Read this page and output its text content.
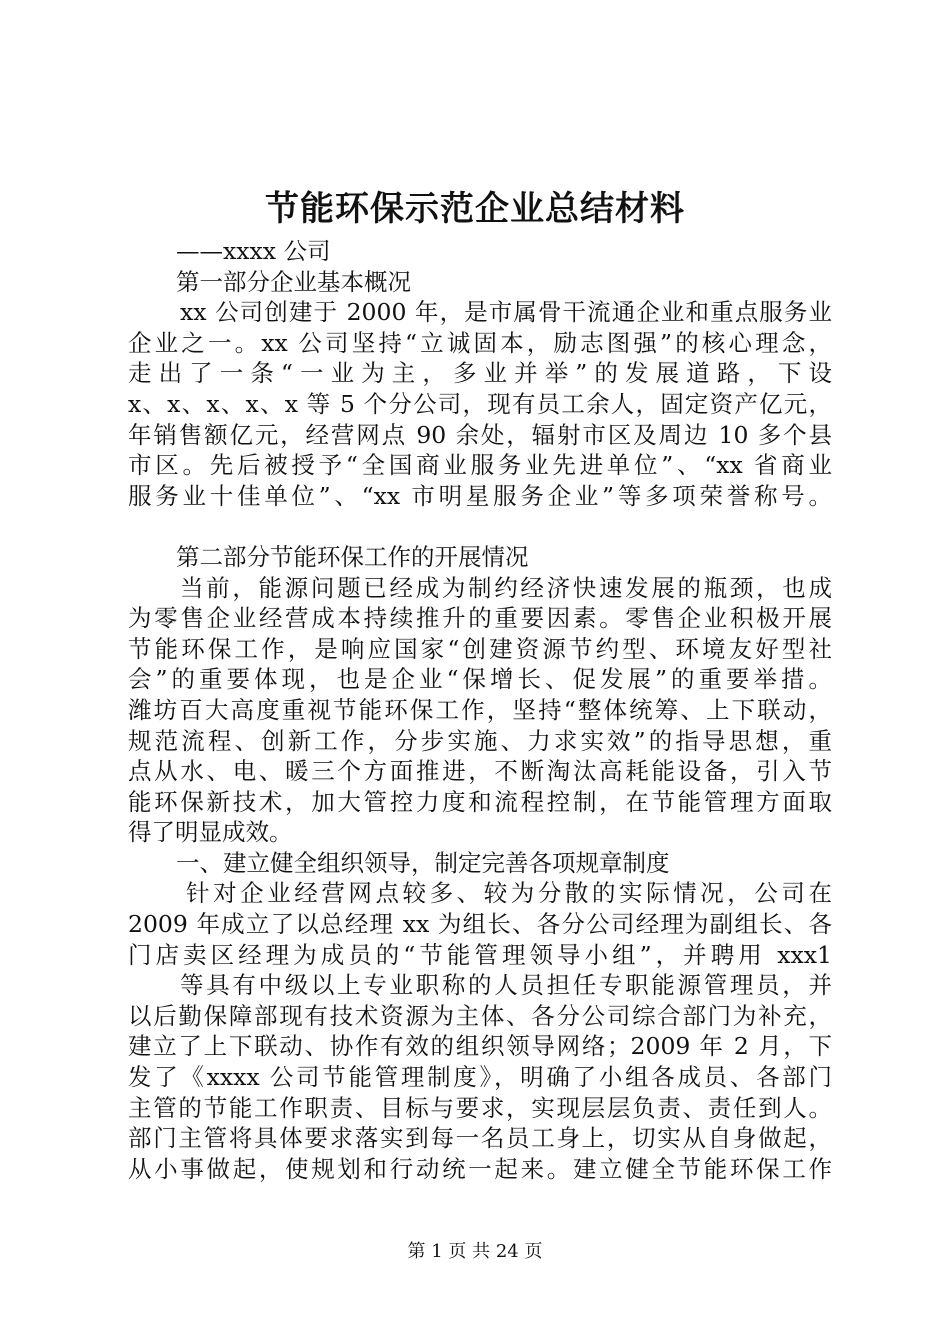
节能环保示范企业总结材料
——xxxx 公司
第一部分企业基本概况
xx 公司创建于 2000 年，是市属骨干流通企业和重点服务业
企业之一。xx 公司坚持“立诚固本，励志图强”的核心理念，
走出了一条“一业为主，多业并举”的发展道路，下设
x、x、x、x、x 等 5 个分公司，现有员工余人，固定资产亿元，
年销售额亿元，经营网点 90 余处，辐射市区及周边 10 多个县
市区。先后被授予“全国商业服务业先进单位”、“xx 省商业
服务业十佳单位”、“xx 市明星服务企业”等多项荣誉称号。
第二部分节能环保工作的开展情况
当前，能源问题已经成为制约经济快速发展的瓶颈，也成
为零售企业经营成本持续推升的重要因素。零售企业积极开展
节能环保工作，是响应国家“创建资源节约型、环境友好型社
会”的重要体现，也是企业“保增长、促发展”的重要举措。
潍坊百大高度重视节能环保工作，坚持“整体统筹、上下联动，
规范流程、创新工作，分步实施、力求实效”的指导思想，重
点从水、电、暖三个方面推进，不断淘汰高耗能设备，引入节
能环保新技术，加大管控力度和流程控制，在节能管理方面取
得了明显成效。
一、建立健全组织领导，制定完善各项规章制度
针对企业经营网点较多、较为分散的实际情况，公司在
2009 年成立了以总经理 xx 为组长、各分公司经理为副组长、各
门店卖区经理为成员的“节能管理领导小组”，并聘用 xxx1
等具有中级以上专业职称的人员担任专职能源管理员，并
以后勤保障部现有技术资源为主体、各分公司综合部门为补充，
建立了上下联动、协作有效的组织领导网络；2009 年 2 月，下
发了《xxxx 公司节能管理制度》，明确了小组各成员、各部门
主管的节能工作职责、目标与要求，实现层层负责、责任到人。
部门主管将具体要求落实到每一名员工身上，切实从自身做起，
从小事做起，使规划和行动统一起来。建立健全节能环保工作
第 1 页 共 24 页
